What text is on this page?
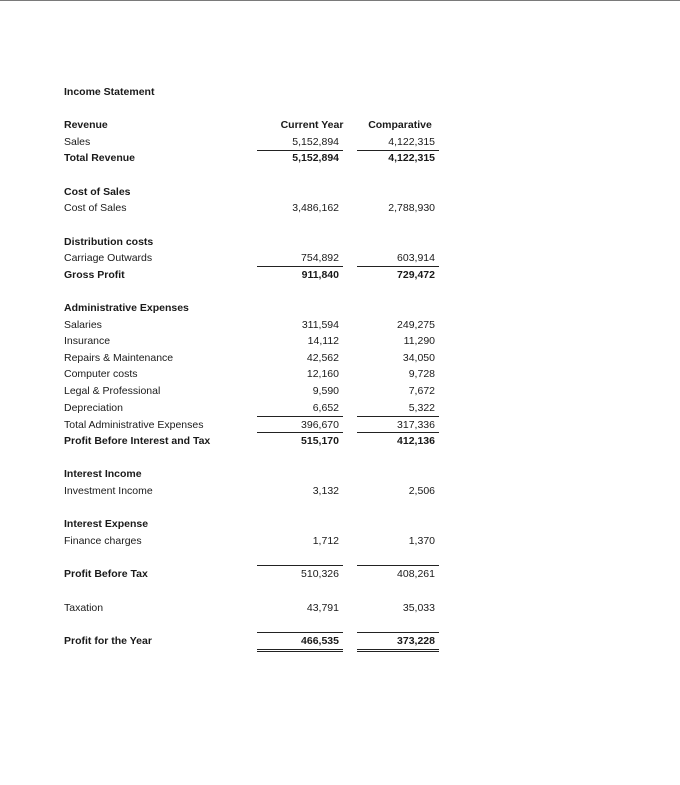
Income Statement
Revenue	Current Year	Comparative
Sales	5,152,894	4,122,315
Total Revenue	5,152,894	4,122,315
Cost of Sales
Cost of Sales	3,486,162	2,788,930
Distribution costs
Carriage Outwards	754,892	603,914
Gross Profit	911,840	729,472
Administrative Expenses
Salaries	311,594	249,275
Insurance	14,112	11,290
Repairs & Maintenance	42,562	34,050
Computer costs	12,160	9,728
Legal & Professional	9,590	7,672
Depreciation	6,652	5,322
Total Administrative Expenses	396,670	317,336
Profit Before Interest and Tax	515,170	412,136
Interest Income
Investment Income	3,132	2,506
Interest Expense
Finance charges	1,712	1,370
Profit Before Tax	510,326	408,261
Taxation	43,791	35,033
Profit for the Year	466,535	373,228
